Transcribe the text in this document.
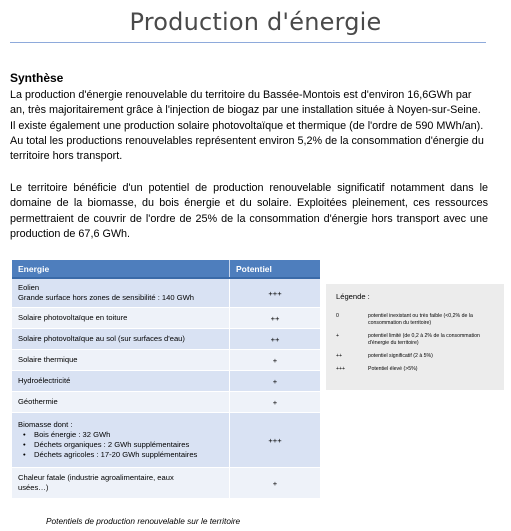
Production d'énergie
Synthèse
La production d'énergie renouvelable du territoire du Bassée-Montois est d'environ 16,6GWh par an, très majoritairement grâce à l'injection de biogaz par une installation située à Noyen-sur-Seine. Il existe également une production solaire photovoltaïque et thermique (de l'ordre de 590 MWh/an). Au total les productions renouvelables représentent environ 5,2% de la consommation d'énergie du territoire hors transport.
Le territoire bénéficie d'un potentiel de production renouvelable significatif notamment dans le domaine de la biomasse, du bois énergie et du solaire. Exploitées pleinement, ces ressources permettraient de couvrir de l'ordre de 25% de la consommation d'énergie hors transport avec une production de 67,6 GWh.
Energie	Potentiel
Eolien
Grande surface hors zones de sensibilité : 140 GWh	+++
Solaire photovoltaïque en toiture	++
Solaire photovoltaïque au sol (sur surfaces d'eau)	++
Solaire thermique	+
Hydroélectricité	+
Géothermie	+
Biomasse dont :
• Bois énergie : 32 GWh
• Déchets organiques : 2 GWh supplémentaires
• Déchets agricoles : 17-20 GWh supplémentaires
+++
Chaleur fatale (industrie agroalimentaire, eaux
usées…)	+
Potentiels de production renouvelable sur le territoire
Légende :
0	potentiel inexistant ou très faible (<0,2% de la consommation du territoire)
+	potentiel limité (de 0,2 à 2% de la consommation d'énergie du territoire)
++	potentiel significatif (2 à 5%)
+++	Potentiel élevé (>5%)
